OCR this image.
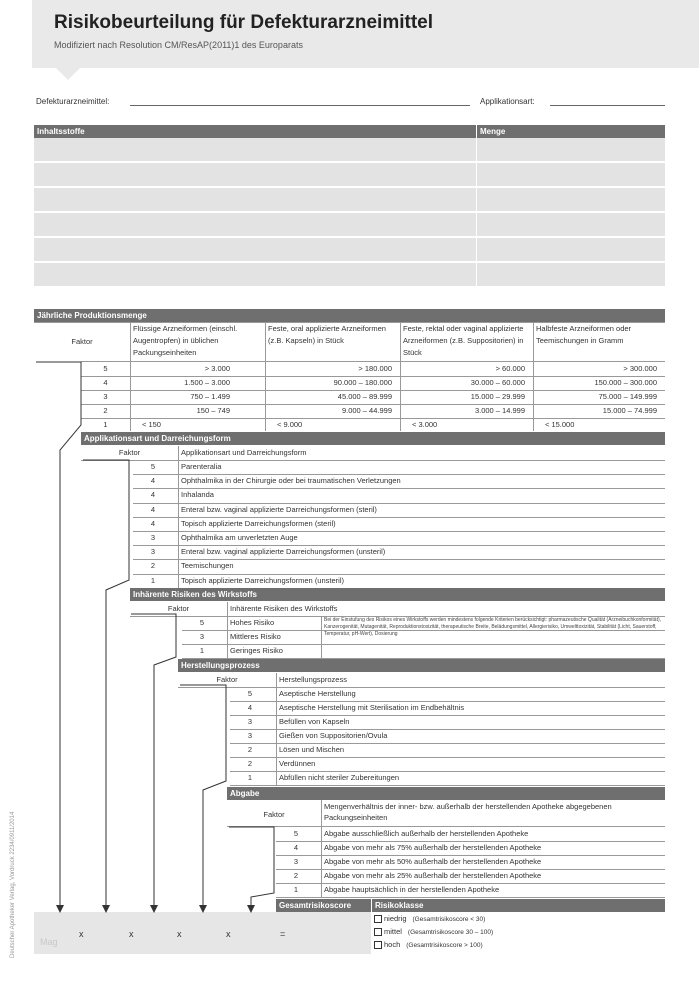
Risikobeurteilung für Defekturarzneimittel
Modifiziert nach Resolution CM/ResAP(2011)1 des Europarats
Deutscher Apotheker Verlag, Vordruck 2234/0911/2014
Defekturarzneimittel:	Applikationsart:
Inhaltsstoffe	Menge
Jährliche Produktionsmenge
Faktor
Flüssige Arzneiformen (einschl. Augentropfen) in üblichen Packungseinheiten
Feste, oral applizierte Arzneiformen (z.B. Kapseln) in Stück
Feste, rektal oder vaginal applizierte Arzneiformen (z.B. Suppositorien) in Stück
Halbfeste Arzneiformen oder Teemischungen in Gramm
5	> 3.000	> 180.000	> 60.000	> 300.000
4	1.500 – 3.000	90.000 – 180.000	30.000 – 60.000	150.000 – 300.000
3	750 – 1.499	45.000 – 89.999	15.000 – 29.999	75.000 – 149.999
2	150 – 749	9.000 – 44.999	3.000 – 14.999	15.000 – 74.999
1	< 150	< 9.000	< 3.000	< 15.000
Applikationsart und Darreichungsform
Faktor	Applikationsart und Darreichungsform
5	Parenteralia
4	Ophthalmika in der Chirurgie oder bei traumatischen Verletzungen
4	Inhalanda
4	Enteral bzw. vaginal applizierte Darreichungsformen (steril)
4	Topisch applizierte Darreichungsformen (steril)
3	Ophthalmika am unverletzten Auge
3	Enteral bzw. vaginal applizierte Darreichungsformen (unsteril)
2	Teemischungen
1	Topisch applizierte Darreichungsformen (unsteril)
Inhärente Risiken des Wirkstoffs
Faktor	Inhärente Risiken des Wirkstoffs
5	Hohes Risiko
3	Mittleres Risiko
1	Geringes Risiko
Bei der Einstufung des Risikos eines Wirkstoffs werden mindestens folgende Kriterien berücksichtigt: pharmazeutische Qualität (Arzneibuchkonformität), Kanzerogenität, Mutagenität, Reproduktionstoxizität, therapeutische Breite, Belädungsmittel, Allergierisiko, Umwelttoxizität, Stabilität (Licht, Sauerstoff, Temperatur, pH-Wert), Dosierung
Herstellungsprozess
Faktor	Herstellungsprozess
5	Aseptische Herstellung
4	Aseptische Herstellung mit Sterilisation im Endbehältnis
3	Befüllen von Kapseln
3	Gießen von Suppositorien/Ovula
2	Lösen und Mischen
2	Verdünnen
1	Abfüllen nicht steriler Zubereitungen
Abgabe
Faktor
Mengenverhältnis der inner- bzw. außerhalb der herstellenden Apotheke abgegebenen Packungseinheiten
5	Abgabe ausschließlich außerhalb der herstellenden Apotheke
4	Abgabe von mehr als 75% außerhalb der herstellenden Apotheke
3	Abgabe von mehr als 50% außerhalb der herstellenden Apotheke
2	Abgabe von mehr als 25% außerhalb der herstellenden Apotheke
1	Abgabe hauptsächlich in der herstellenden Apotheke
Gesamtrisikoscore	Risikoklasse
x	x	x	x	=
Mag
niedrig (Gesamtrisikoscore < 30)
mittel (Gesamtrisikoscore 30 – 100)
hoch (Gesamtrisikoscore > 100)
